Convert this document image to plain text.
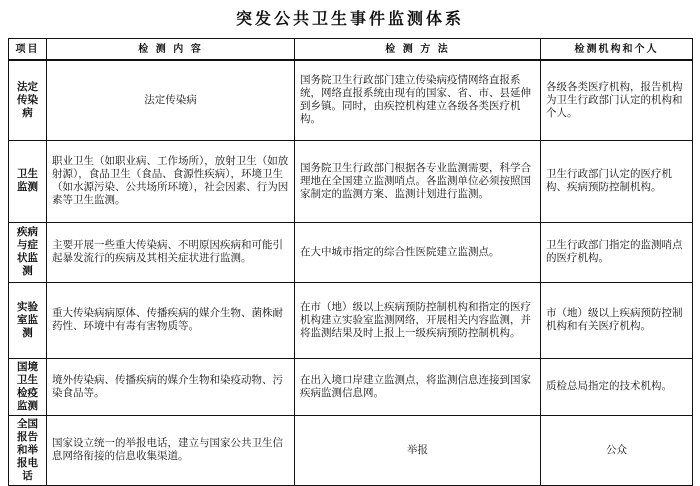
突发公共卫生事件监测体系
项目	检 测 内 容	检 测 方 法	检测机构和个人
法定传染病	法定传染病	国务院卫生行政部门建立传染病疫情网络直报系统，网络直报系统由现有的国家、省、市、县延伸到乡镇。同时，由疾控机构建立各级各类医疗机构。	各级各类医疗机构，报告机构为卫生行政部门认定的机构和个人。
卫生监测	职业卫生（如职业病、工作场所），放射卫生（如放射源），食品卫生（食品、食源性疾病），环境卫生（如水源污染、公共场所环境），社会因素、行为因素等卫生监测。	国务院卫生行政部门根据各专业监测需要，科学合理地在全国建立监测哨点。各监测单位必须按照国家制定的监测方案、监测计划进行监测。	卫生行政部门认定的医疗机构、疾病预防控制机构。
疾病与症状监测	主要开展一些重大传染病、不明原因疾病和可能引起暴发流行的疾病及其相关症状进行监测。	在大中城市指定的综合性医院建立监测点。	卫生行政部门指定的监测哨点的医疗机构。
实验室监测	重大传染病病原体、传播疾病的媒介生物、菌株耐药性、环境中有毒有害物质等。	在市（地）级以上疾病预防控制机构和指定的医疗机构建立实验室监测网络，开展相关内容监测，并将监测结果及时上报上一级疾病预防控制机构。	市（地）级以上疾病预防控制机构和有关医疗机构。
国境卫生检疫监测	境外传染病、传播疾病的媒介生物和染疫动物、污染食品等。	在出入境口岸建立监测点，将监测信息连接到国家疾病监测信息网。	质检总局指定的技术机构。
全国报告和举报电话	国家设立统一的举报电话，建立与国家公共卫生信息网络衔接的信息收集渠道。	举报	公众
